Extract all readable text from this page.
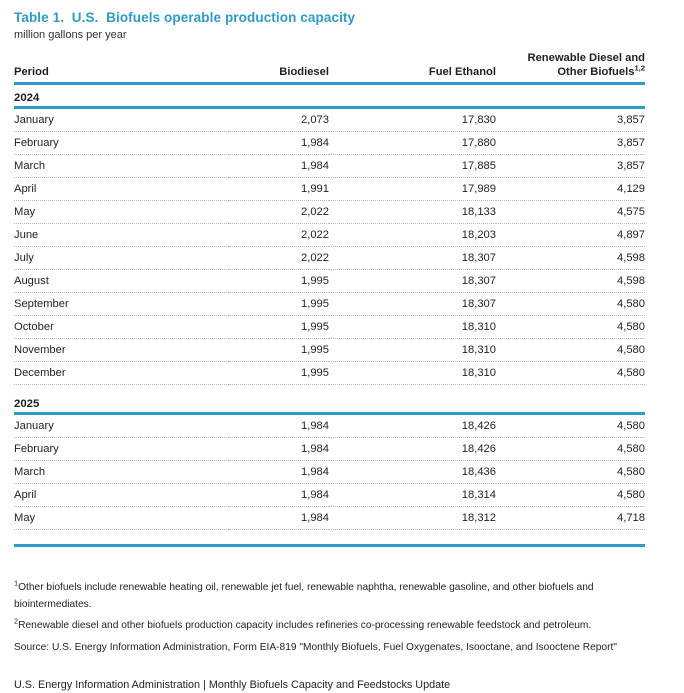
Table 1.  U.S.  Biofuels operable production capacity
million gallons per year
Period	Biodiesel	Fuel Ethanol	Renewable Diesel and
Other Biofuels$^{1,2}$

2024			

January	2,073	17,830	3,857
February	1,984	17,880	3,857
March	1,984	17,885	3,857
April	1,991	17,989	4,129
May	2,022	18,133	4,575
June	2,022	18,203	4,897
July	2,022	18,307	4,598
August	1,995	18,307	4,598
September	1,995	18,307	4,580
October	1,995	18,310	4,580
November	1,995	18,310	4,580
December	1,995	18,310	4,580
2025			

January	1,984	18,426	4,580
February	1,984	18,426	4,580
March	1,984	18,436	4,580
April	1,984	18,314	4,580
May	1,984	18,312	4,718

$^1$Other biofuels include renewable heating oil, renewable jet fuel, renewable naphtha, renewable gasoline, and other biofuels and biointermediates.

$^2$Renewable diesel and other biofuels production capacity includes refineries co-processing renewable feedstock and petroleum.

Source: U.S. Energy Information Administration, Form EIA-819 "Monthly Biofuels, Fuel Oxygenates, Isooctane, and Isooctene Report"

U.S. Energy Information Administration | Monthly Biofuels Capacity and Feedstocks Update
